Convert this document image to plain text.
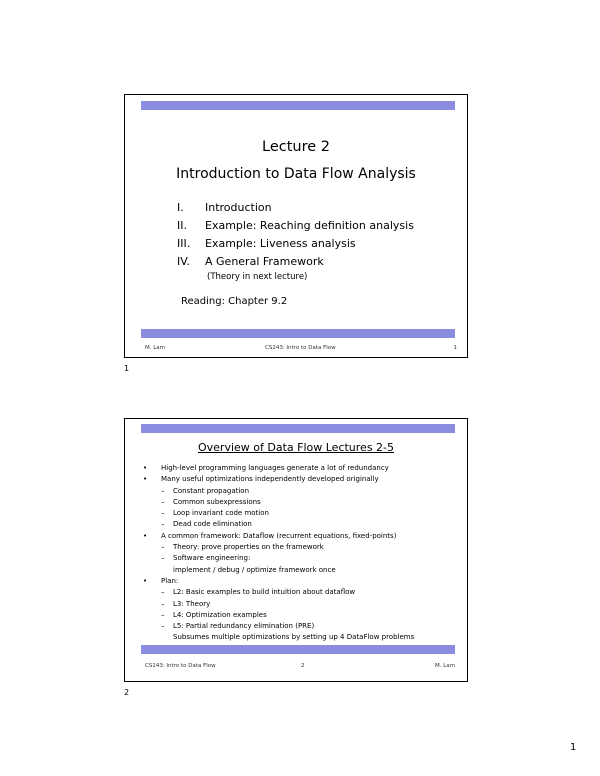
Lecture 2
Introduction to Data Flow Analysis
I.	Introduction
II.	Example: Reaching definition analysis
III.	Example: Liveness analysis
IV.	A General Framework
(Theory in next lecture)
Reading: Chapter 9.2
M. Lam	CS243: Intro to Data Flow	1
1
Overview of Data Flow Lectures 2-5
• High-level programming languages generate a lot of redundancy
• Many useful optimizations independently developed originally
– Constant propagation
– Common subexpressions
– Loop invariant code motion
– Dead code elimination
• A common framework: Dataflow (recurrent equations, fixed-points)
– Theory: prove properties on the framework
– Software engineering:
implement / debug / optimize framework once
• Plan:
– L2: Basic examples to build intuition about dataflow
– L3: Theory
– L4: Optimization examples
– L5: Partial redundancy elimination (PRE)
Subsumes multiple optimizations by setting up 4 DataFlow problems
CS243: Intro to Data Flow	2	M. Lam
2
1
